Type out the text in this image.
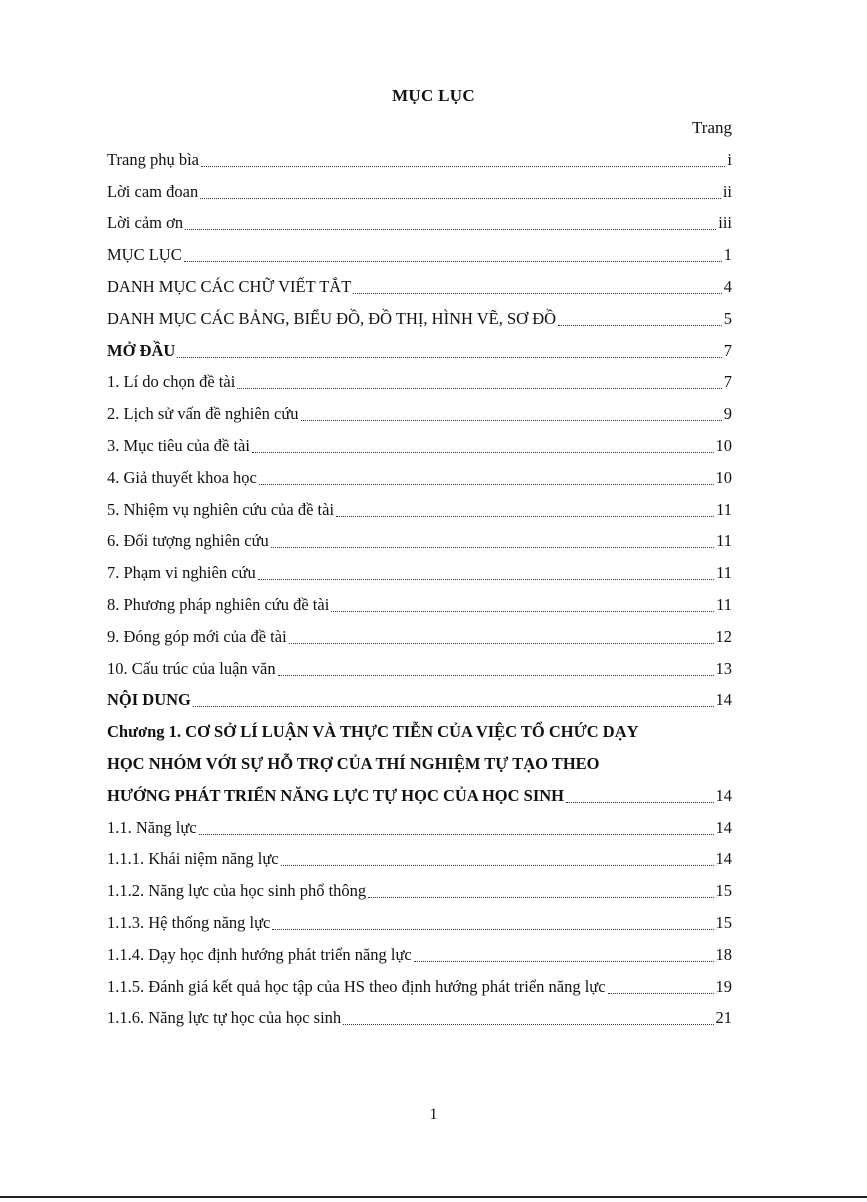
MỤC LỤC
Trang
Trang phụ bìa	i
Lời cam đoan	ii
Lời cảm ơn	iii
MỤC LỤC	1
DANH MỤC CÁC CHỮ VIẾT TẮT	4
DANH MỤC CÁC BẢNG, BIỂU ĐỒ, ĐỒ THỊ, HÌNH VẼ, SƠ ĐỒ	5
MỞ ĐẦU	7
1. Lí do chọn đề tài	7
2. Lịch sử vấn đề nghiên cứu	9
3. Mục tiêu của đề tài	10
4. Giả thuyết khoa học	10
5. Nhiệm vụ nghiên cứu của đề tài	11
6. Đối tượng nghiên cứu	11
7. Phạm vi nghiên cứu	11
8. Phương pháp nghiên cứu đề tài	11
9. Đóng góp mới của đề tài	12
10. Cấu trúc của luận văn	13
NỘI DUNG	14
Chương 1. CƠ SỞ LÍ LUẬN VÀ THỰC TIỄN CỦA VIỆC TỔ CHỨC DẠY
HỌC NHÓM VỚI SỰ HỖ TRỢ CỦA THÍ NGHIỆM TỰ TẠO THEO
HƯỚNG PHÁT TRIỂN NĂNG LỰC TỰ HỌC CỦA HỌC SINH	14
1.1. Năng lực	14
1.1.1. Khái niệm năng lực	14
1.1.2. Năng lực của học sinh phổ thông	15
1.1.3. Hệ thống năng lực	15
1.1.4. Dạy học định hướng phát triển năng lực	18
1.1.5. Đánh giá kết quả học tập của HS theo định hướng phát triển năng lực	19
1.1.6. Năng lực tự học của học sinh	21
1
